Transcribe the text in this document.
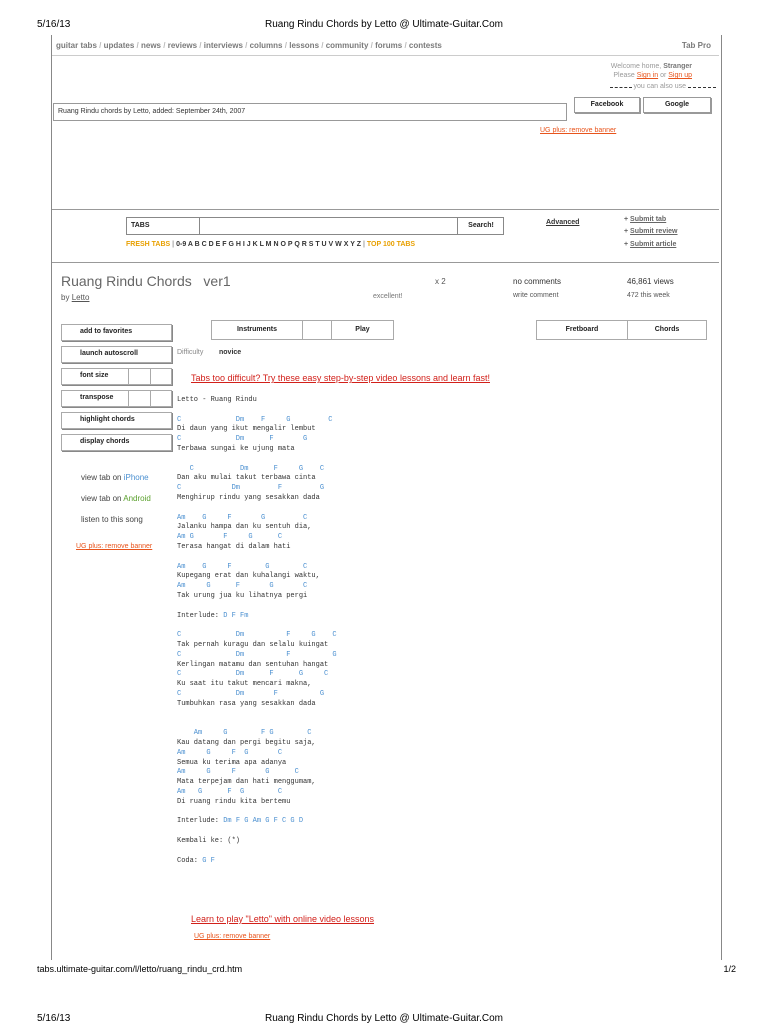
5/16/13	Ruang Rindu Chords by Letto @ Ultimate-Guitar.Com
guitar tabs / updates / news / reviews / interviews / columns / lessons / community / forums / contests	Tab Pro
Welcome home, Stranger
Please Sign in or Sign up
you can also use
Facebook	Google
Ruang Rindu chords by Letto, added: September 24th, 2007
UG plus: remove banner
TABS	Search!	Advanced	+ Submit tab
+ Submit review
+ Submit article
FRESH TABS | 0-9 A B C D E F G H I J K L M N O P Q R S T U V W X Y Z | TOP 100 TABS
Ruang Rindu Chords ver1
by Letto	excellent!
x 2	no comments
write comment
46,861 views
472 this week
add to favorites
launch autoscroll
font size
transpose
highlight chords
display chords
view tab on iPhone
view tab on Android
listen to this song
UG plus: remove banner
Instruments	Play	Fretboard	Chords
Difficulty novice
Tabs too difficult? Try these easy step-by-step video lessons and learn fast!
Letto - Ruang Rindu
C             Dm    F     G         C
Di daun yang ikut mengalir lembut
C             Dm      F       G
Terbawa sungai ke ujung mata
C           Dm      F     G    C
Dan aku mulai takut terbawa cinta
C            Dm         F         G
Menghirup rindu yang sesakkan dada
Am    G     F       G         C
Jalanku hampa dan ku sentuh dia,
Am G       F     G      C
Terasa hangat di dalam hati
Am    G     F        G        C
Kupegang erat dan kuhalangi waktu,
Am     G      F       G       C
Tak urung jua ku lihatnya pergi
Interlude: D F Fm
C             Dm          F     G    C
Tak pernah kuragu dan selalu kuingat
C             Dm          F          G
Kerlingan matamu dan sentuhan hangat
C             Dm      F      G     C
Ku saat itu takut mencari makna,
C             Dm       F          G
Tumbuhkan rasa yang sesakkan dada
Am     G        F G        C
Kau datang dan pergi begitu saja,
Am     G     F  G       C
Semua ku terima apa adanya
Am     G     F       G      C
Mata terpejam dan hati menggumam,
Am   G      F  G        C
Di ruang rindu kita bertemu
Interlude: Dm F G Am G F C G D
Kembali ke: (*)
Coda: G F
Learn to play "Letto" with online video lessons
UG plus: remove banner
tabs.ultimate-guitar.com/l/letto/ruang_rindu_crd.htm	1/2
5/16/13	Ruang Rindu Chords by Letto @ Ultimate-Guitar.Com
